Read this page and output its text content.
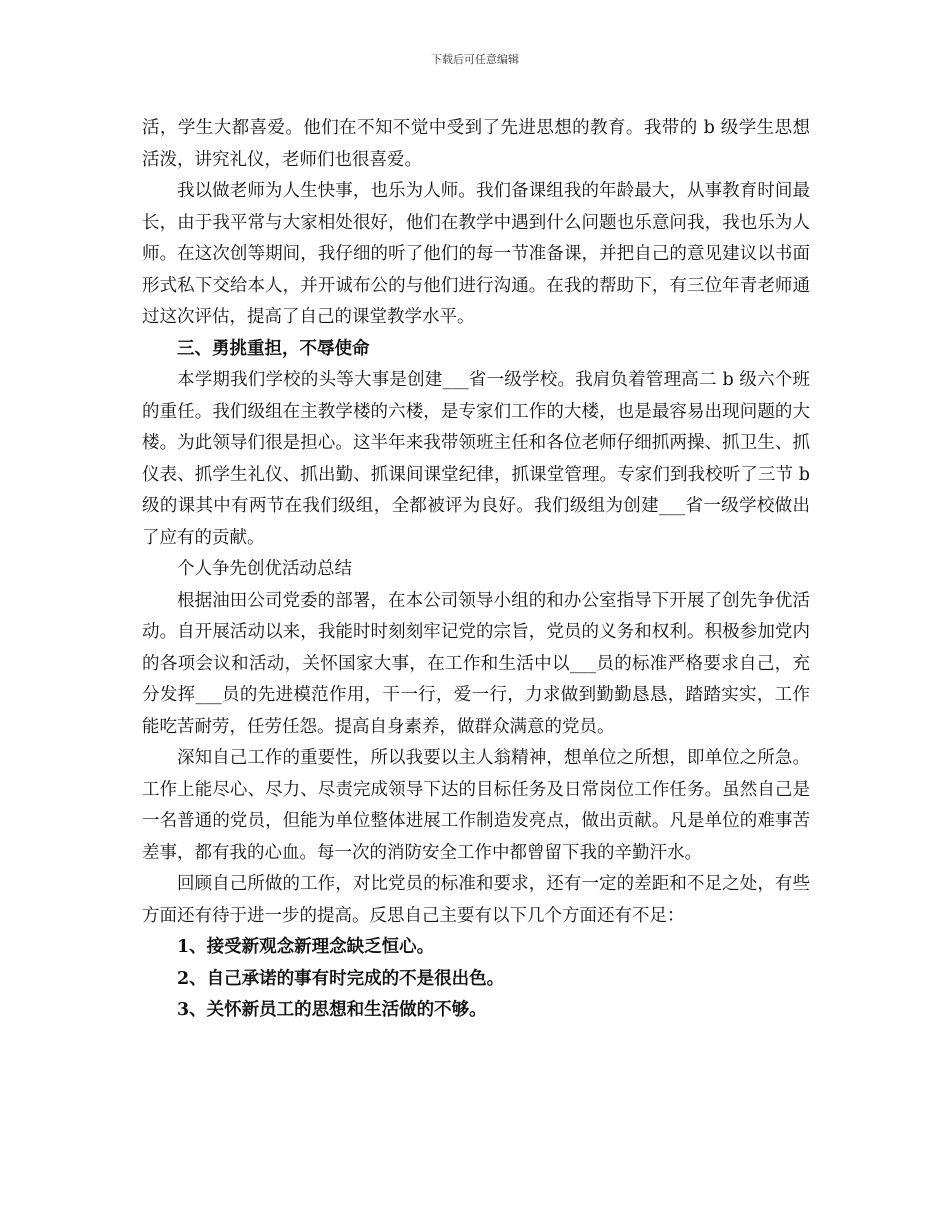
下载后可任意编辑

活，学生大都喜爱。他们在不知不觉中受到了先进思想的教育。我带的 b 级学生思想活泼，讲究礼仪，老师们也很喜爱。

我以做老师为人生快事，也乐为人师。我们备课组我的年龄最大，从事教育时间最长，由于我平常与大家相处很好，他们在教学中遇到什么问题也乐意问我，我也乐为人师。在这次创等期间，我仔细的听了他们的每一节准备课，并把自己的意见建议以书面形式私下交给本人，并开诚布公的与他们进行沟通。在我的帮助下，有三位年青老师通过这次评估，提高了自己的课堂教学水平。

三、勇挑重担，不辱使命

本学期我们学校的头等大事是创建___省一级学校。我肩负着管理高二 b 级六个班的重任。我们级组在主教学楼的六楼，是专家们工作的大楼，也是最容易出现问题的大楼。为此领导们很是担心。这半年来我带领班主任和各位老师仔细抓两操、抓卫生、抓仪表、抓学生礼仪、抓出勤、抓课间课堂纪律，抓课堂管理。专家们到我校听了三节 b 级的课其中有两节在我们级组，全都被评为良好。我们级组为创建___省一级学校做出了应有的贡献。

个人争先创优活动总结

根据油田公司党委的部署，在本公司领导小组的和办公室指导下开展了创先争优活动。自开展活动以来，我能时时刻刻牢记党的宗旨，党员的义务和权利。积极参加党内的各项会议和活动，关怀国家大事，在工作和生活中以___员的标准严格要求自己，充分发挥___员的先进模范作用，干一行，爱一行，力求做到勤勤恳恳，踏踏实实，工作能吃苦耐劳，任劳任怨。提高自身素养，做群众满意的党员。

深知自己工作的重要性，所以我要以主人翁精神，想单位之所想，即单位之所急。工作上能尽心、尽力、尽责完成领导下达的目标任务及日常岗位工作任务。虽然自己是一名普通的党员，但能为单位整体进展工作制造发亮点，做出贡献。凡是单位的难事苦差事，都有我的心血。每一次的消防安全工作中都曾留下我的辛勤汗水。

回顾自己所做的工作，对比党员的标准和要求，还有一定的差距和不足之处，有些方面还有待于进一步的提高。反思自己主要有以下几个方面还有不足：

1、接受新观念新理念缺乏恒心。

2、自己承诺的事有时完成的不是很出色。

3、关怀新员工的思想和生活做的不够。
